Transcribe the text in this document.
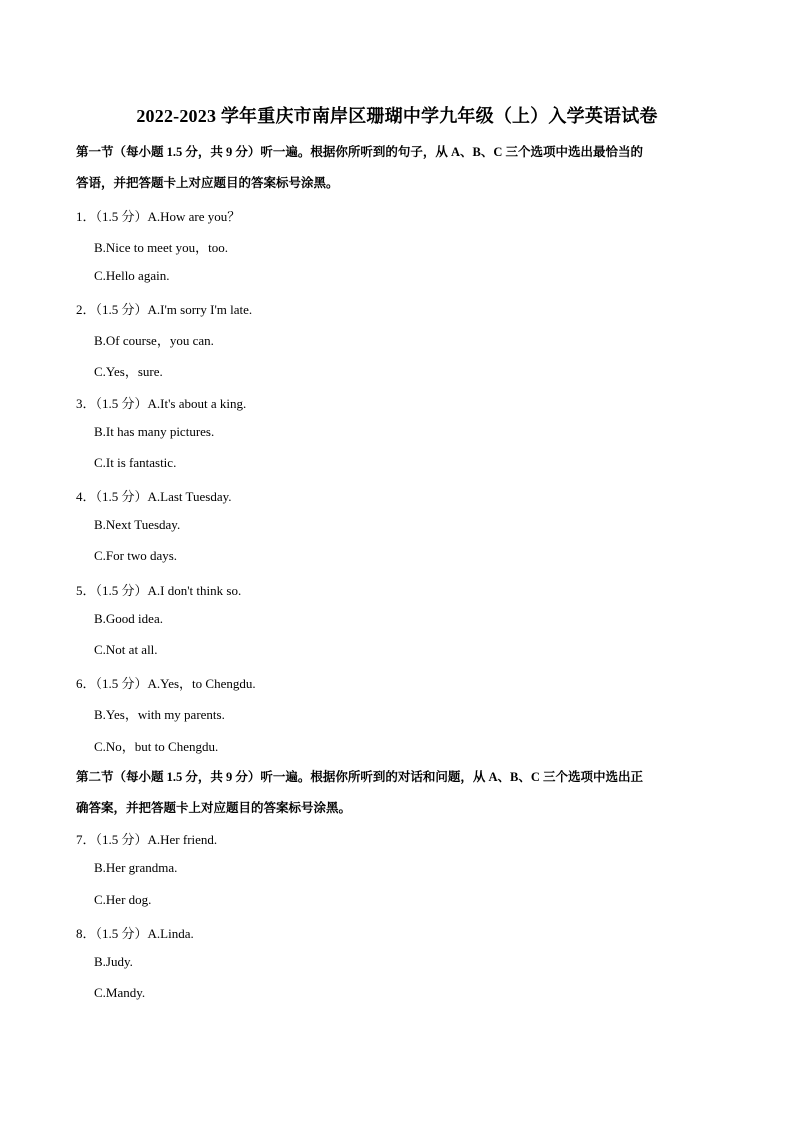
2022-2023 学年重庆市南岸区珊瑚中学九年级（上）入学英语试卷
第一节（每小题 1.5 分，共 9 分）听一遍。根据你所听到的句子，从 A、B、C 三个选项中选出最恰当的
答语，并把答题卡上对应题目的答案标号涂黑。
1．（1.5 分）A.How are you？
B.Nice to meet you，too.
C.Hello again.
2．（1.5 分）A.I'm sorry I'm late.
B.Of course，you can.
C.Yes，sure.
3．（1.5 分）A.It's about a king.
B.It has many pictures.
C.It is fantastic.
4．（1.5 分）A.Last Tuesday.
B.Next Tuesday.
C.For two days.
5．（1.5 分）A.I don't think so.
B.Good idea.
C.Not at all.
6．（1.5 分）A.Yes，to Chengdu.
B.Yes，with my parents.
C.No，but to Chengdu.
第二节（每小题 1.5 分，共 9 分）听一遍。根据你所听到的对话和问题，从 A、B、C 三个选项中选出正
确答案，并把答题卡上对应题目的答案标号涂黑。
7．（1.5 分）A.Her friend.
B.Her grandma.
C.Her dog.
8．（1.5 分）A.Linda.
B.Judy.
C.Mandy.
